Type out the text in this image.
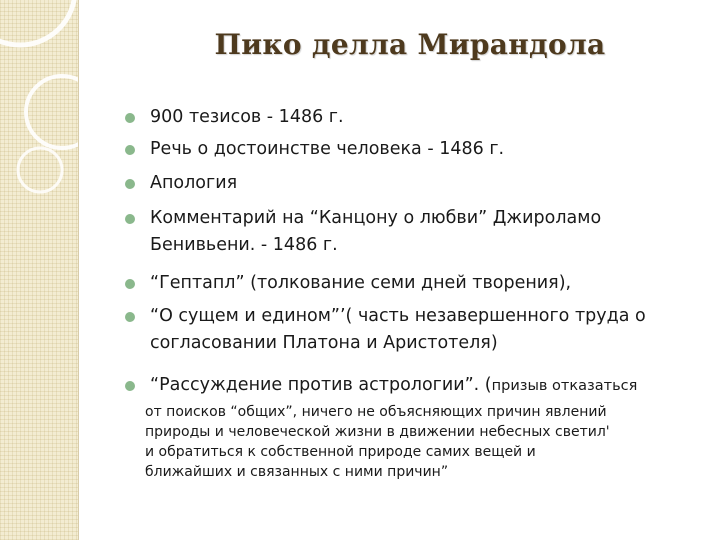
Пико делла Мирандола
900 тезисов - 1486 г.
Речь о достоинстве человека - 1486 г.
Апология
Комментарий на “Канцону о любви” Джироламо
Бенивьени. - 1486 г.
“Гептапл” (толкование семи дней творения),
“О сущем и едином”’( часть незавершенного труда о
согласовании Платона и Аристотеля)
“Рассуждение против астрологии”. (призыв отказаться
от поисков “общих”, ничего не объясняющих причин явлений
природы и человеческой жизни в движении небесных светил'
и обратиться к собственной природе самих вещей и
ближайших и связанных с ними причин”
